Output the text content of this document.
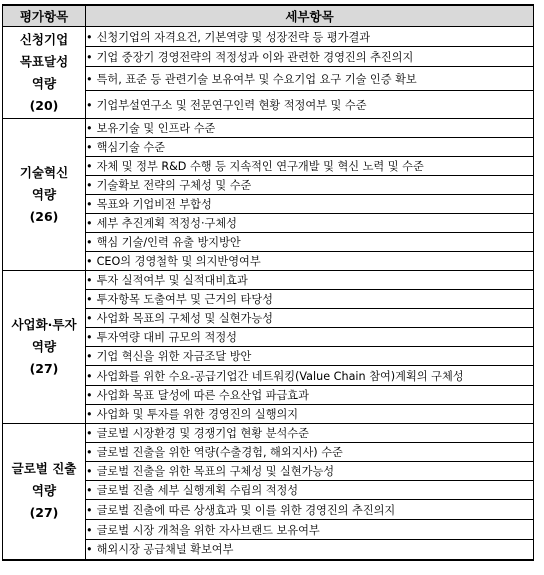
평가항목	세부항목

신청기업
목표달성
역량
(20)	• 신청기업의 자격요건, 기본역량 및 성장전략 등 평가결과
	• 기업 중장기 경영전략의 적정성과 이와 관련한 경영진의 추진의지
	• 특허, 표준 등 관련기술 보유여부 및 수요기업 요구 기술 인증 확보
	• 기업부설연구소 및 전문연구인력 현황 적정여부 및 수준

기술혁신
역량
(26)	• 보유기술 및 인프라 수준
	• 핵심기술 수준
	• 자체 및 정부 R&D 수행 등 지속적인 연구개발 및 혁신 노력 및 수준
	• 기술확보 전략의 구체성 및 수준
	• 목표와 기업비전 부합성
	• 세부 추진계획 적정성·구체성
	• 핵심 기술/인력 유출 방지방안
	• CEO의 경영철학 및 의지반영여부

사업화·투자
역량
(27)	• 투자 실적여부 및 실적대비효과
	• 투자항목 도출여부 및 근거의 타당성
	• 사업화 목표의 구체성 및 실현가능성
	• 투자역량 대비 규모의 적정성
	• 기업 혁신을 위한 자금조달 방안
	• 사업화를 위한 수요-공급기업간 네트워킹(Value Chain 참여)계획의 구체성
	• 사업화 목표 달성에 따른 수요산업 파급효과
	• 사업화 및 투자를 위한 경영진의 실행의지

글로벌 진출
역량
(27)	• 글로벌 시장환경 및 경쟁기업 현황 분석수준
	• 글로벌 진출을 위한 역량(수출경험, 해외지사) 수준
	• 글로벌 진출을 위한 목표의 구체성 및 실현가능성
	• 글로벌 진출 세부 실행계획 수립의 적정성
	• 글로벌 진출에 따른 상생효과 및 이를 위한 경영진의 추진의지
	• 글로벌 시장 개척을 위한 자사브랜드 보유여부
	• 해외시장 공급채널 확보여부
